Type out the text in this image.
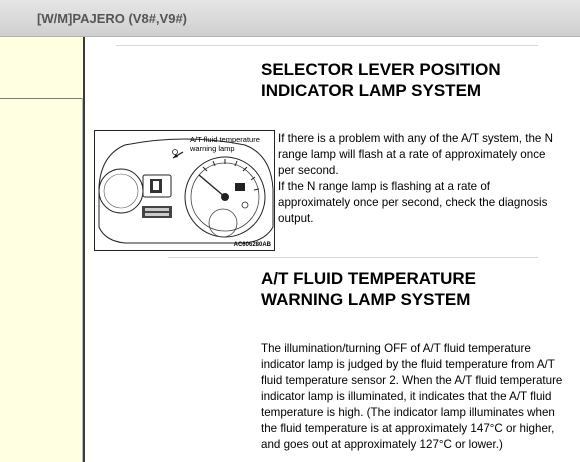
[W/M]PAJERO (V8#,V9#)
SELECTOR LEVER POSITION
INDICATOR LAMP SYSTEM
A/T fluid temperature
warning lamp
AC606280AB
If there is a problem with any of the A/T system, the N
range lamp will flash at a rate of approximately once
per second.
If the N range lamp is flashing at a rate of
approximately once per second, check the diagnosis
output.
A/T FLUID TEMPERATURE
WARNING LAMP SYSTEM
The illumination/turning OFF of A/T fluid temperature
indicator lamp is judged by the fluid temperature from A/T
fluid temperature sensor 2. When the A/T fluid temperature
indicator lamp is illuminated, it indicates that the A/T fluid
temperature is high. (The indicator lamp illuminates when
the fluid temperature is at approximately 147°C or higher,
and goes out at approximately 127°C or lower.)
